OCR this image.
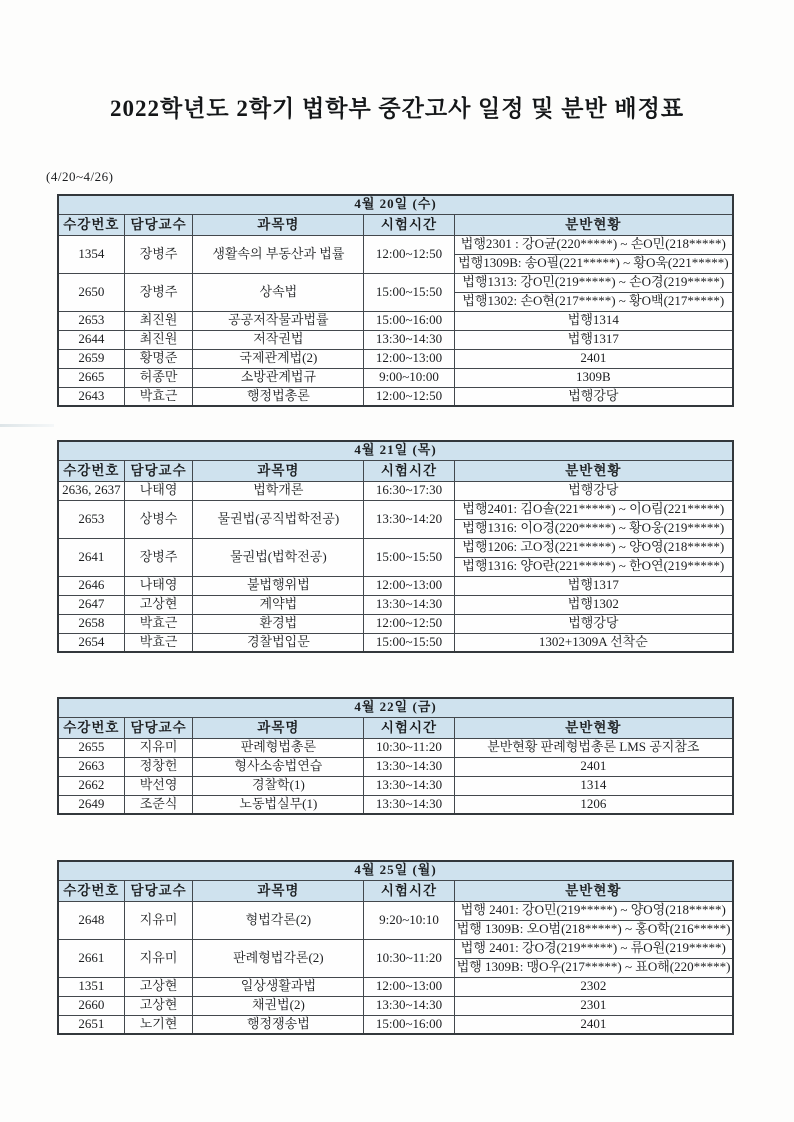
2022학년도 2학기 법학부 중간고사 일정 및 분반 배정표
(4/20~4/26)
4월 20일 (수)				
수강번호	담당교수	과목명	시험시간	분반현황
1354	장병주	생활속의 부동산과 법률	12:00~12:50	법행2301 : 강O균(220*****) ~ 손O민(218*****)
				법행1309B: 송O필(221*****) ~ 황O욱(221*****)
2650	장병주	상속법	15:00~15:50	법행1313: 강O민(219*****) ~ 손O경(219*****)
				법행1302: 손O현(217*****) ~ 황O백(217*****)
2653	최진원	공공저작물과법률	15:00~16:00	법행1314
2644	최진원	저작권법	13:30~14:30	법행1317
2659	황명준	국제관계법(2)	12:00~13:00	2401
2665	허종만	소방관계법규	9:00~10:00	1309B
2643	박효근	행정법총론	12:00~12:50	법행강당
4월 21일 (목)				
수강번호	담당교수	과목명	시험시간	분반현황
2636, 2637	나태영	법학개론	16:30~17:30	법행강당
2653	상병수	물권법(공직법학전공)	13:30~14:20	법행2401: 김O솔(221*****) ~ 이O림(221*****)
				법행1316: 이O경(220*****) ~ 황O웅(219*****)
2641	장병주	물권법(법학전공)	15:00~15:50	법행1206: 고O정(221*****) ~ 양O영(218*****)
				법행1316: 양O란(221*****) ~ 한O연(219*****)
2646	나태영	불법행위법	12:00~13:00	법행1317
2647	고상현	계약법	13:30~14:30	법행1302
2658	박효근	환경법	12:00~12:50	법행강당
2654	박효근	경찰법입문	15:00~15:50	1302+1309A 선착순
4월 22일 (금)				
수강번호	담당교수	과목명	시험시간	분반현황
2655	지유미	판례형법총론	10:30~11:20	분반현황 판례형법총론 LMS 공지참조
2663	정창헌	형사소송법연습	13:30~14:30	2401
2662	박선영	경찰학(1)	13:30~14:30	1314
2649	조준식	노동법실무(1)	13:30~14:30	1206
4월 25일 (월)				
수강번호	담당교수	과목명	시험시간	분반현황
2648	지유미	형법각론(2)	9:20~10:10	법행 2401: 강O민(219*****) ~ 양O영(218*****)
				법행 1309B: 오O범(218*****) ~ 홍O학(216*****)
2661	지유미	판례형법각론(2)	10:30~11:20	법행 2401: 강O경(219*****) ~ 류O원(219*****)
				법행 1309B: 맹O우(217*****) ~ 표O해(220*****)
1351	고상현	일상생활과법	12:00~13:00	2302
2660	고상현	채권법(2)	13:30~14:30	2301
2651	노기현	행정쟁송법	15:00~16:00	2401
